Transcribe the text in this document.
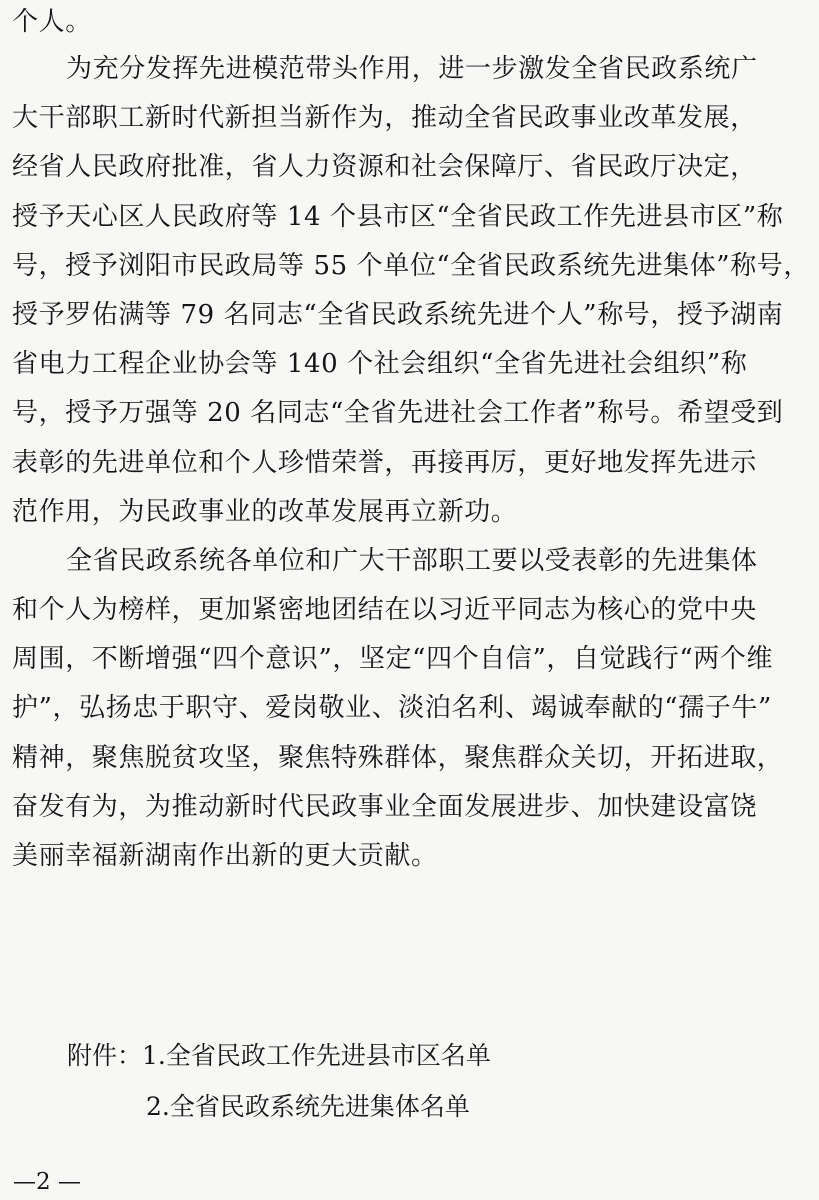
个人。
为充分发挥先进模范带头作用，进一步激发全省民政系统广
大干部职工新时代新担当新作为，推动全省民政事业改革发展，
经省人民政府批准，省人力资源和社会保障厅、省民政厅决定，
授予天心区人民政府等 14 个县市区“全省民政工作先进县市区”称
号，授予浏阳市民政局等 55 个单位“全省民政系统先进集体”称号，
授予罗佑满等 79 名同志“全省民政系统先进个人”称号，授予湖南
省电力工程企业协会等 140 个社会组织“全省先进社会组织”称
号，授予万强等 20 名同志“全省先进社会工作者”称号。希望受到
表彰的先进单位和个人珍惜荣誉，再接再厉，更好地发挥先进示
范作用，为民政事业的改革发展再立新功。
全省民政系统各单位和广大干部职工要以受表彰的先进集体
和个人为榜样，更加紧密地团结在以习近平同志为核心的党中央
周围，不断增强“四个意识”，坚定“四个自信”，自觉践行“两个维
护”，弘扬忠于职守、爱岗敬业、淡泊名利、竭诚奉献的“孺子牛”
精神，聚焦脱贫攻坚，聚焦特殊群体，聚焦群众关切，开拓进取，
奋发有为，为推动新时代民政事业全面发展进步、加快建设富饶
美丽幸福新湖南作出新的更大贡献。
附件：1.全省民政工作先进县市区名单
2.全省民政系统先进集体名单
—2 —
